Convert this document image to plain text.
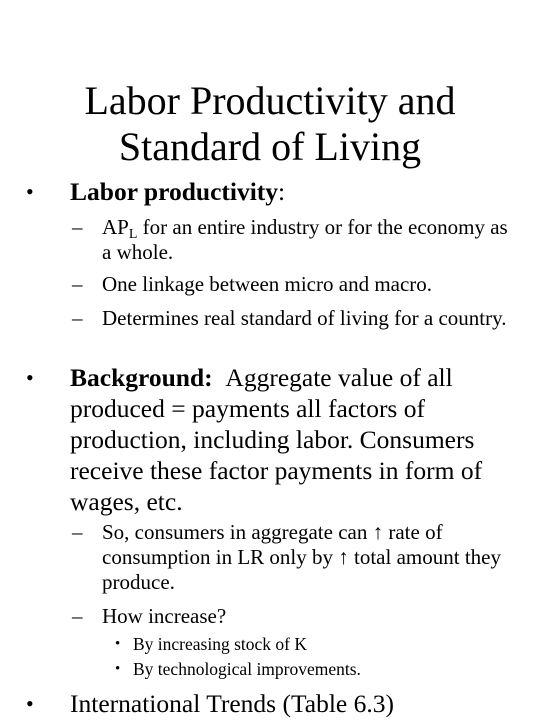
Labor Productivity and
Standard of Living
• Labor productivity:
– $AP_L$ for an entire industry or for the economy as a whole.
– One linkage between micro and macro.
– Determines real standard of living for a country.
• Background: Aggregate value of all produced = payments all factors of production, including labor. Consumers receive these factor payments in form of wages, etc.
– So, consumers in aggregate can ↑ rate of consumption in LR only by ↑ total amount they produce.
– How increase?
• By increasing stock of K
• By technological improvements.
• International Trends (Table 6.3)
